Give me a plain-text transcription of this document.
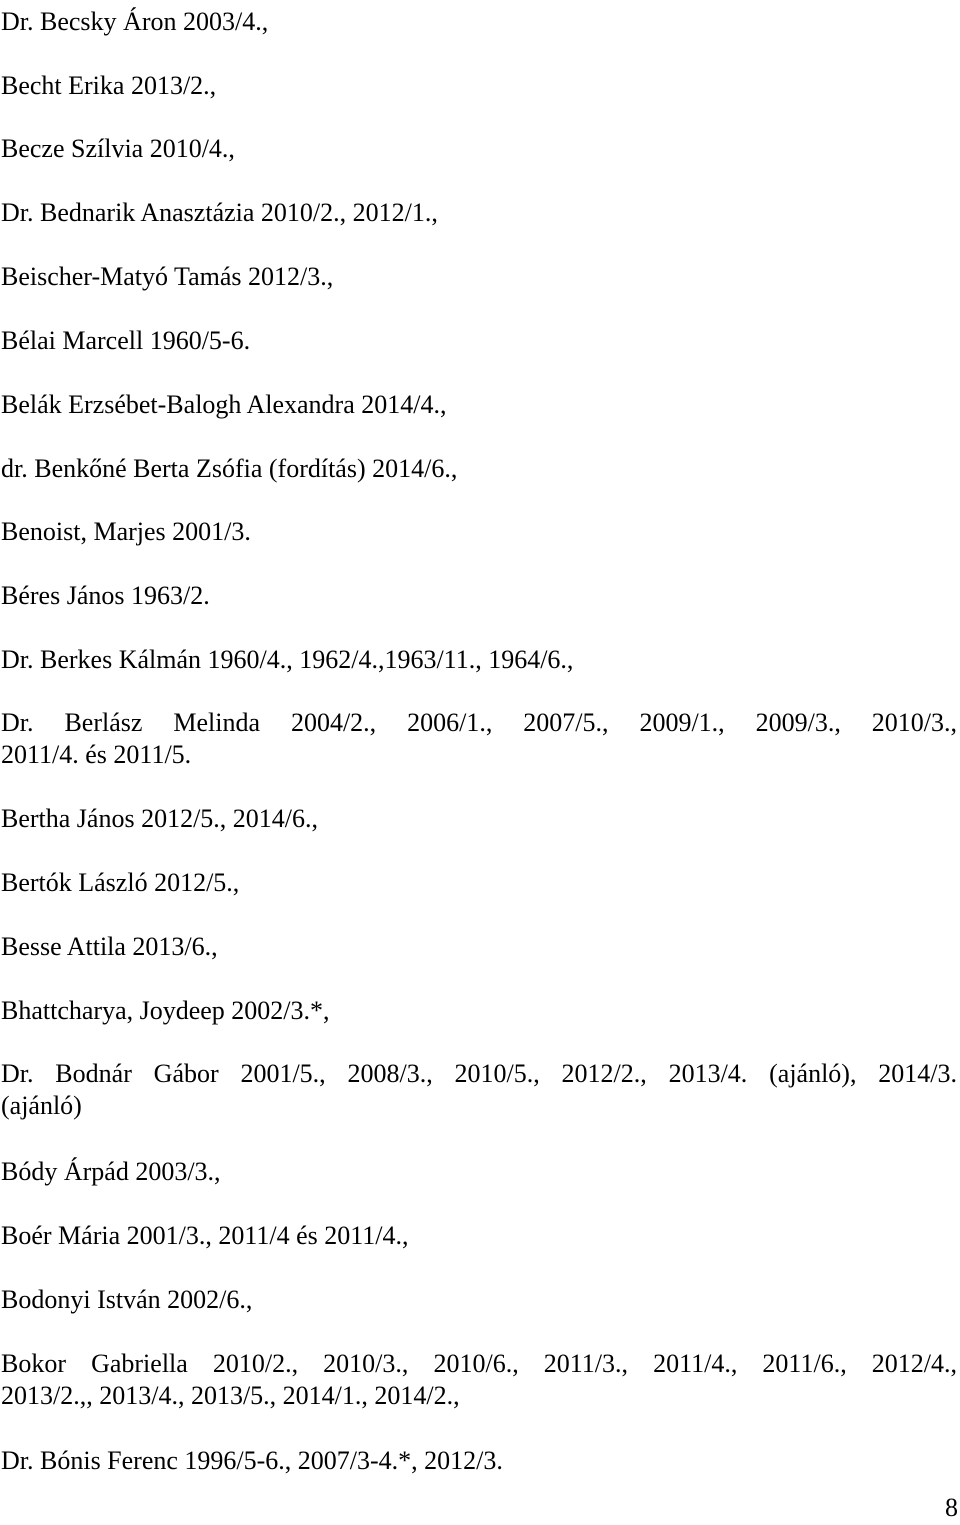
Dr. Becsky Áron 2003/4.,
Becht Erika 2013/2.,
Becze Szílvia 2010/4.,
Dr. Bednarik Anasztázia 2010/2., 2012/1.,
Beischer-Matyó Tamás 2012/3.,
Bélai Marcell 1960/5-6.
Belák Erzsébet-Balogh Alexandra 2014/4.,
dr. Benkőné Berta Zsófia (fordítás) 2014/6.,
Benoist, Marjes 2001/3.
Béres János 1963/2.
Dr. Berkes Kálmán 1960/4., 1962/4.,1963/11., 1964/6.,
Dr. Berlász Melinda 2004/2., 2006/1., 2007/5., 2009/1., 2009/3., 2010/3.,
2011/4. és 2011/5.
Bertha János 2012/5., 2014/6.,
Bertók László 2012/5.,
Besse Attila 2013/6.,
Bhattcharya, Joydeep 2002/3.*,
Dr. Bodnár Gábor 2001/5., 2008/3., 2010/5., 2012/2., 2013/4. (ajánló), 2014/3.
(ajánló)
Bódy Árpád 2003/3.,
Boér Mária 2001/3., 2011/4 és 2011/4.,
Bodonyi István 2002/6.,
Bokor Gabriella 2010/2., 2010/3., 2010/6., 2011/3., 2011/4., 2011/6., 2012/4.,
2013/2.,, 2013/4., 2013/5., 2014/1., 2014/2.,
Dr. Bónis Ferenc 1996/5-6., 2007/3-4.*, 2012/3.
8
